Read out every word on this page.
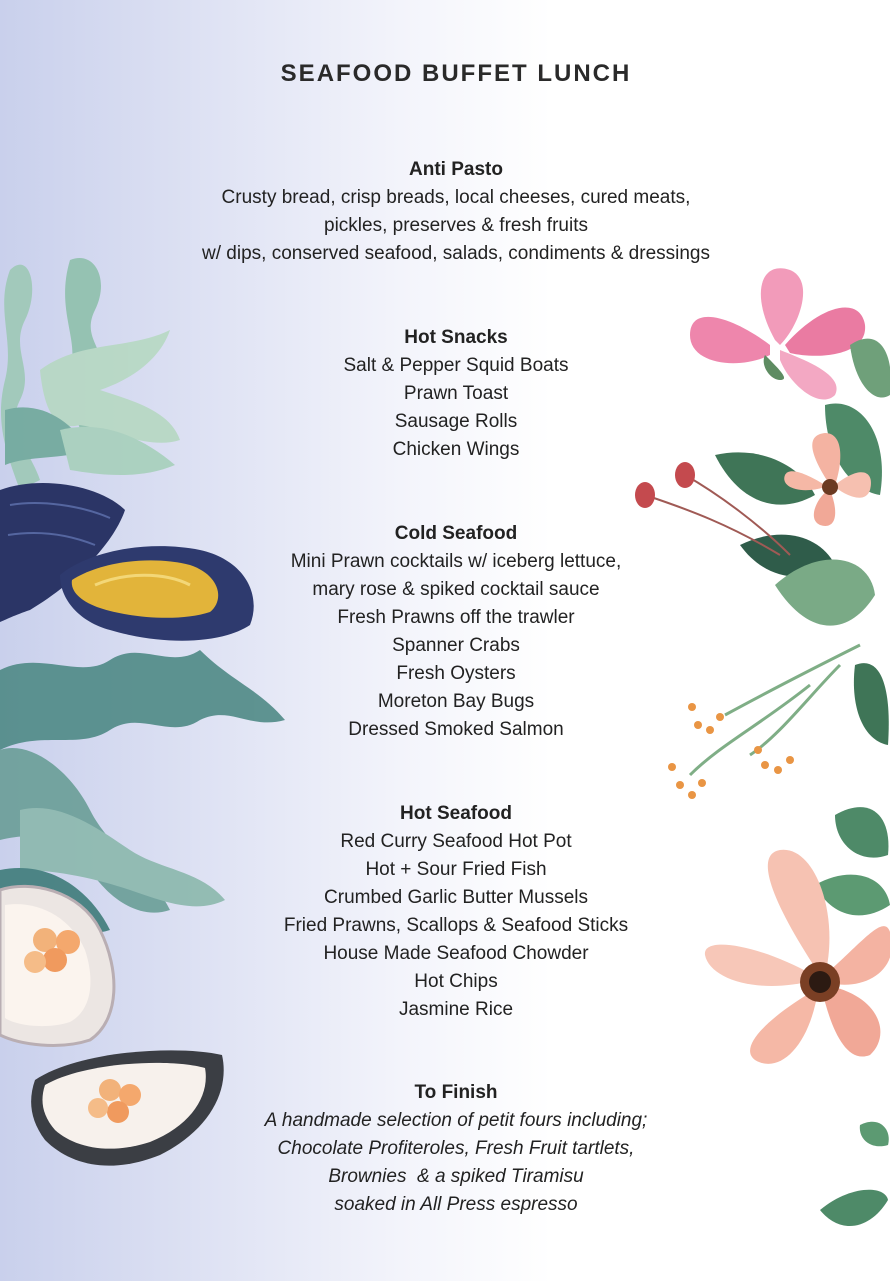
SEAFOOD BUFFET LUNCH
Anti Pasto
Crusty bread, crisp breads, local cheeses, cured meats,
pickles, preserves & fresh fruits
w/ dips, conserved seafood, salads, condiments & dressings
Hot Snacks
Salt & Pepper Squid Boats
Prawn Toast
Sausage Rolls
Chicken Wings
Cold Seafood
Mini Prawn cocktails w/ iceberg lettuce,
mary rose & spiked cocktail sauce
Fresh Prawns off the trawler
Spanner Crabs
Fresh Oysters
Moreton Bay Bugs
Dressed Smoked Salmon
Hot Seafood
Red Curry Seafood Hot Pot
Hot + Sour Fried Fish
Crumbed Garlic Butter Mussels
Fried Prawns, Scallops & Seafood Sticks
House Made Seafood Chowder
Hot Chips
Jasmine Rice
To Finish
A handmade selection of petit fours including;
Chocolate Profiteroles, Fresh Fruit tartlets,
Brownies  & a spiked Tiramisu
soaked in All Press espresso
